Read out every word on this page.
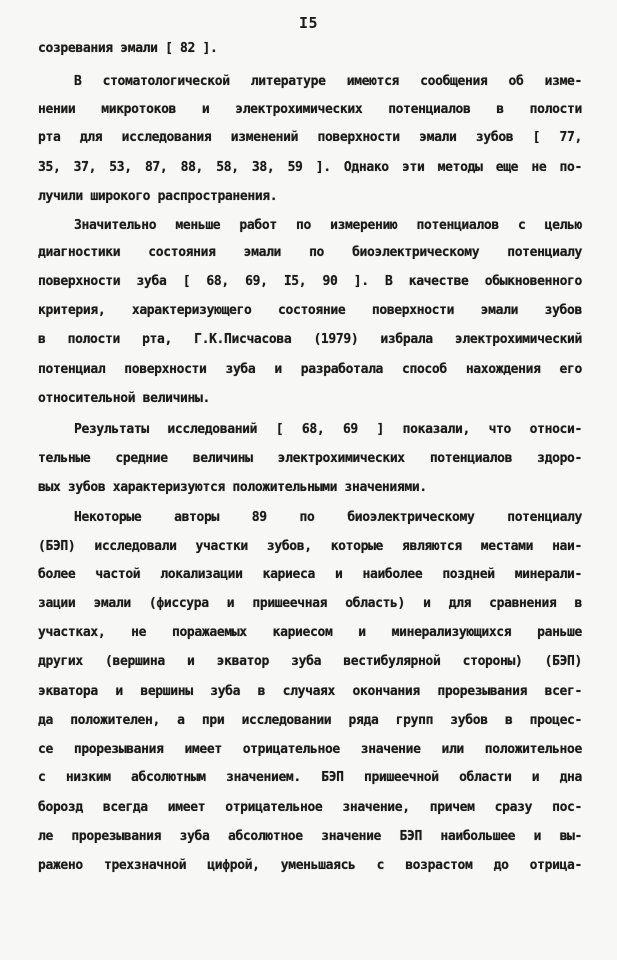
I5
созревания эмали [ 82 ].
В стоматологической литературе имеются сообщения об изме-
нении микротоков и электрохимических потенциалов в полости
рта для исследования изменений поверхности эмали зубов [ 77,
35, 37, 53, 87, 88, 58, 38, 59 ]. Однако эти методы еще не по-
лучили широкого распространения.
Значительно меньше работ по измерению потенциалов с целью
диагностики состояния эмали по биоэлектрическому потенциалу
поверхности зуба [ 68, 69, I5, 90 ]. В качестве обыкновенного
критерия, характеризующего состояние поверхности эмали зубов
в полости рта, Г.К.Писчасова (1979) избрала электрохимический
потенциал поверхности зуба и разработала способ нахождения его
относительной величины.
Результаты исследований [ 68, 69 ] показали, что относи-
тельные средние величины электрохимических потенциалов здоро-
вых зубов характеризуются положительными значениями.
Некоторые авторы 89 по биоэлектрическому потенциалу
(БЭП) исследовали участки зубов, которые являются местами наи-
более частой локализации кариеса и наиболее поздней минерали-
зации эмали (фиссура и пришеечная область) и для сравнения в
участках, не поражаемых кариесом и минерализующихся раньше
других (вершина и экватор зуба вестибулярной стороны) (БЭП)
экватора и вершины зуба в случаях окончания прорезывания всег-
да положителен, а при исследовании ряда групп зубов в процес-
се прорезывания имеет отрицательное значение или положительное
с низким абсолютным значением. БЭП пришеечной области и дна
борозд всегда имеет отрицательное значение, причем сразу пос-
ле прорезывания зуба абсолютное значение БЭП наибольшее и вы-
ражено трехзначной цифрой, уменьшаясь с возрастом до отрица-
